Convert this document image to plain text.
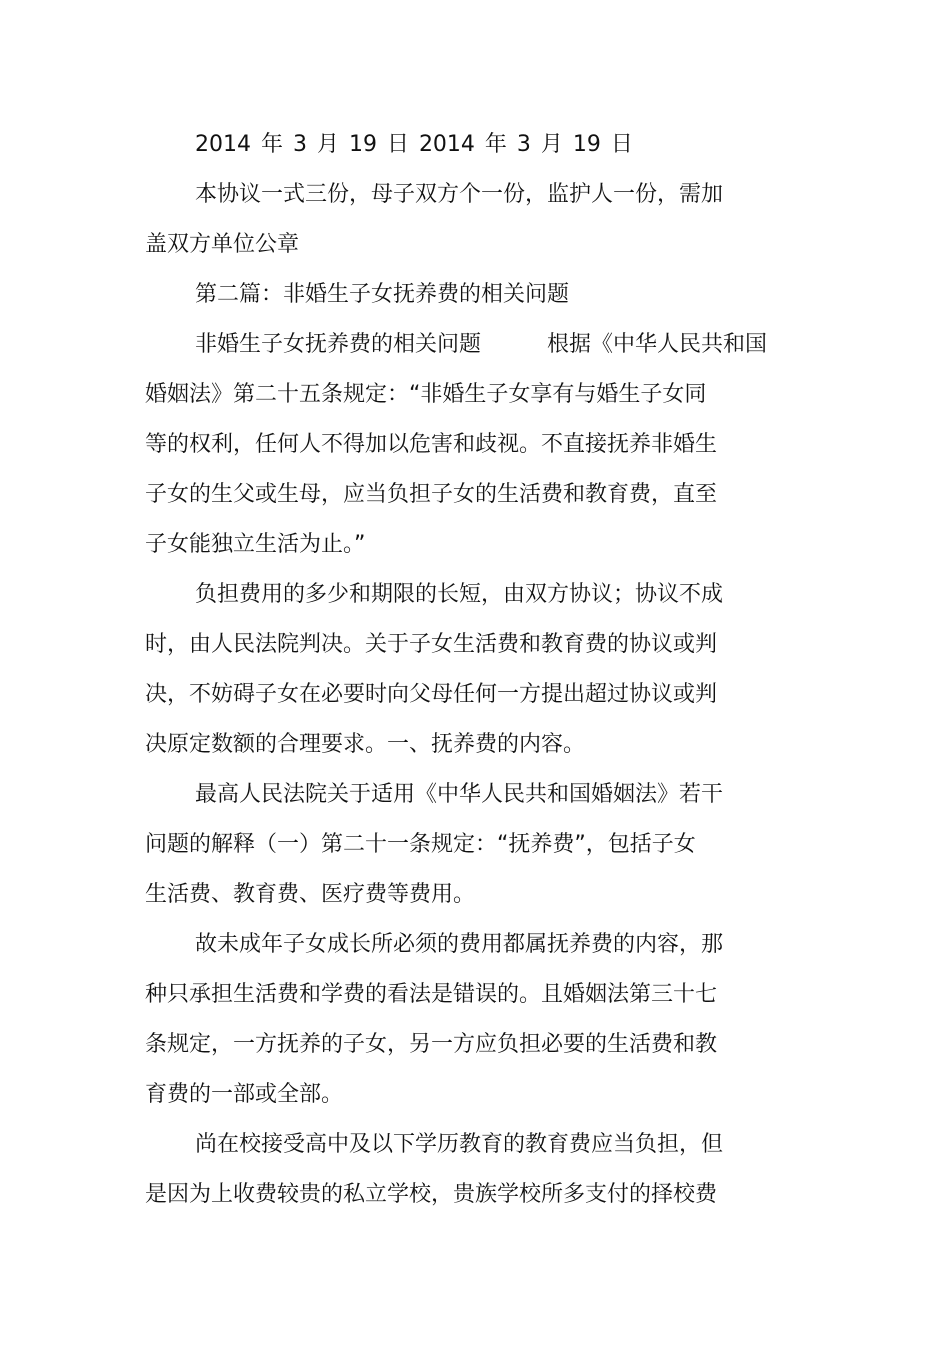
2014 年 3 月 19 日 2014 年 3 月 19 日

本协议一式三份，母子双方个一份，监护人一份，需加
盖双方单位公章

第二篇：非婚生子女抚养费的相关问题

非婚生子女抚养费的相关问题　　　根据《中华人民共和国
婚姻法》第二十五条规定：“非婚生子女享有与婚生子女同
等的权利，任何人不得加以危害和歧视。不直接抚养非婚生
子女的生父或生母，应当负担子女的生活费和教育费，直至
子女能独立生活为止。”

负担费用的多少和期限的长短，由双方协议；协议不成
时，由人民法院判决。关于子女生活费和教育费的协议或判
决，不妨碍子女在必要时向父母任何一方提出超过协议或判
决原定数额的合理要求。一、抚养费的内容。

最高人民法院关于适用《中华人民共和国婚姻法》若干
问题的解释（一）第二十一条规定：“抚养费”，包括子女
生活费、教育费、医疗费等费用。

故未成年子女成长所必须的费用都属抚养费的内容，那
种只承担生活费和学费的看法是错误的。且婚姻法第三十七
条规定，一方抚养的子女，另一方应负担必要的生活费和教
育费的一部或全部。

尚在校接受高中及以下学历教育的教育费应当负担，但
是因为上收费较贵的私立学校，贵族学校所多支付的择校费
